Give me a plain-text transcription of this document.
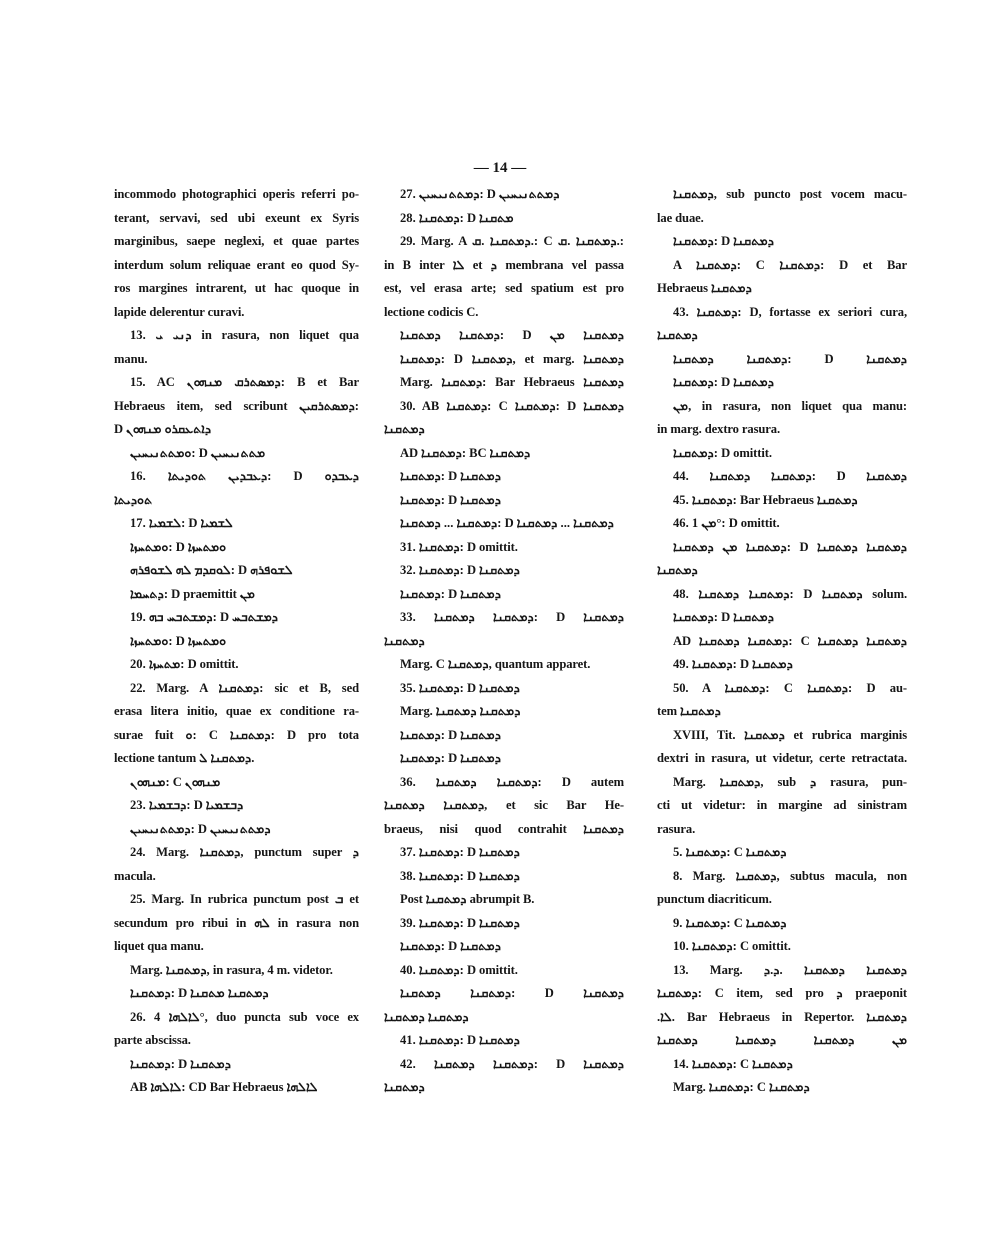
— 14 —
incommodo photographici operis referri po-
terant, servavi, sed ubi exeunt ex Syris
marginibus, saepe neglexi, et quae partes
interdum solum reliquae erant eo quod Sy-
ros margines intrarent, ut hac quoque in
lapide delerentur curavi.
13. ܕܢܝ ܝ in rasura, non liquet qua
manu.
15. AC ܕܡܣܬܪܩ ܡܢܗܘܢ: B et Bar
Hebraeus item, sed scribunt ܕܡܣܬܪܩܝܢ:
D ܕܐܬܥܩܪܘ ܡܢܗܘܢ
ܘܡܬܬܢܝܚܝܢ: D ܡܬܬܢܝܚܝܢ
16. ܕܥܒܕܝܢ ܬܘܕܝܬܐ: D ܕܥܒܕܘ
ܬܘܕܝܬܐ
17. ܠܫܡܝܐ: D ܠܫܡܝܐ
ܘܡܬܚܙܐ: D ܘܡܬܚܙܐ
ܠܘܩܕܡ ܠܗ ܠܫܘܦܪܗ: D ܠܫܘܦܪܗ
ܕܬܚܡܐ: D praemittit ܡܢ
19. ܕܡܫܬܒܚ ܒܗ: D ܕܡܫܬܒܚ
ܘܡܬܚܙܐ: D ܘܡܬܚܙܐ
20. ܡܬܚܙܐ: D omittit.
22. Marg. A ܕܡܬܩܢܐ: sic et B, sed
erasa litera initio, quae ex conditione ra-
surae fuit ܘ: C ܕܡܬܩܢܐ: D pro tota
lectione tantum ܕܡܬܩܢܐ ܠ.
ܡܢܗܘܢ: C ܡܢܗܘܢ
23. ܕܒܫܡܝܐ: D ܕܒܫܡܝܐ
ܕܡܬܬܢܝܚܝܢ: D ܕܡܬܬܢܝܚܝܢ
24. Marg. ܕܡܬܩܢܐ, punctum super ܕ
macula.
25. Marg. In rubrica punctum post ܒ et
secundum pro ribui in ܠܗ in rasura non
liquet qua manu.
Marg. ܕܡܬܩܢܐ, in rasura, 4 m. videtor.
ܕܡܬܩܢܐ: D ܕܡܬܩܢܐ ܡܬܩܢܐ
26. ܠܐܠܗܐ 4°, duo puncta sub voce ex
parte abscissa.
ܕܡܬܩܢܐ: D ܕܡܬܩܢܐ
AB ܠܐܠܗܐ: CD Bar Hebraeus ܠܐܠܗܐ
27. ܕܡܬܬܢܝܚܝܢ: D ܕܡܬܬܢܝܚܝܢ
28. ܕܡܬܩܢܐ: D ܡܬܩܢܐ
29. Marg. A ܕܡܬܩܢܐ .ܩ.: C ܕܡܬܩܢܐ .ܩ.:
in B inter ܠܐ et ܕ membrana vel passa
est, vel erasa arte; sed spatium est pro
lectione codicis C.
ܕܡܬܩܢܐ ܕܡܬܩܢܐ: D ܕܡܬܩܢܐ ܡܢ
ܕܡܬܩܢܐ: D ܕܡܬܩܢܐ, et marg. ܕܡܬܩܢܐ
Marg. ܕܡܬܩܢܐ: Bar Hebraeus ܕܡܬܩܢܐ
30. AB ܕܡܬܩܢܐ: C ܕܡܬܩܢܐ: D ܕܡܬܩܢܐ
ܕܡܬܩܢܐ
AD ܕܡܬܩܢܐ: BC ܕܡܬܩܢܐ
ܕܡܬܩܢܐ: D ܕܡܬܩܢܐ
ܕܡܬܩܢܐ: D ܕܡܬܩܢܐ
ܕܡܬܩܢܐ ... ܕܡܬܩܢܐ: D ܕܡܬܩܢܐ ... ܕܡܬܩܢܐ
31. ܕܡܬܩܢܐ: D omittit.
32. ܕܡܬܩܢܐ: D ܕܡܬܩܢܐ
ܕܡܬܩܢܐ: D ܕܡܬܩܢܐ
33. ܕܡܬܩܢܐ ܕܡܬܩܢܐ: D ܕܡܬܩܢܐ
ܕܡܬܩܢܐ
Marg. C ܕܡܬܩܢܐ, quantum apparet.
35. ܕܡܬܩܢܐ: D ܕܡܬܩܢܐ
Marg. ܕܡܬܩܢܐ ܕܡܬܩܢܐ
ܕܡܬܩܢܐ: D ܕܡܬܩܢܐ
ܕܡܬܩܢܐ: D ܕܡܬܩܢܐ
36. ܕܡܬܩܢܐ ܕܡܬܩܢܐ: D autem
ܕܡܬܩܢܐ ܕܡܬܩܢܐ, et sic Bar He-
braeus, nisi quod contrahit ܕܡܬܩܢܐ
37. ܕܡܬܩܢܐ: D ܕܡܬܩܢܐ
38. ܕܡܬܩܢܐ: D ܕܡܬܩܢܐ
Post ܕܡܬܩܢܐ abrumpit B.
39. ܕܡܬܩܢܐ: D ܕܡܬܩܢܐ
ܕܡܬܩܢܐ: D ܕܡܬܩܢܐ
40. ܕܡܬܩܢܐ: D omittit.
ܕܡܬܩܢܐ ܕܡܬܩܢܐ: D ܕܡܬܩܢܐ
ܕܡܬܩܢܐ ܕܡܬܩܢܐ
41. ܕܡܬܩܢܐ: D ܕܡܬܩܢܐ
42. ܕܡܬܩܢܐ ܕܡܬܩܢܐ: D ܕܡܬܩܢܐ
ܕܡܬܩܢܐ
ܕܡܬܩܢܐ, sub puncto post vocem macu-
lae duae.
ܕܡܬܩܢܐ: D ܕܡܬܩܢܐ
A ܕܡܬܩܢܐ: C ܕܡܬܩܢܐ: D et Bar
Hebraeus ܕܡܬܩܢܐ
43. ܕܡܬܩܢܐ: D, fortasse ex seriori cura,
ܕܡܬܩܢܐ
ܕܡܬܩܢܐ ܕܡܬܩܢܐ: D ܕܡܬܩܢܐ
ܕܡܬܩܢܐ: D ܕܡܬܩܢܐ
ܡܢ, in rasura, non liquet qua manu:
in marg. dextro rasura.
ܕܡܬܩܢܐ: D omittit.
44. ܕܡܬܩܢܐ ܕܡܬܩܢܐ: D ܕܡܬܩܢܐ
45. ܕܡܬܩܢܐ: Bar Hebraeus ܕܡܬܩܢܐ
46. ܡܢ 1°: D omittit.
ܕܡܬܩܢܐ ܡܢ ܕܡܬܩܢܐ: D ܕܡܬܩܢܐ ܕܡܬܩܢܐ
ܕܡܬܩܢܐ
48. ܕܡܬܩܢܐ ܕܡܬܩܢܐ: D ܕܡܬܩܢܐ solum.
ܕܡܬܩܢܐ: D ܕܡܬܩܢܐ
AD ܕܡܬܩܢܐ ܕܡܬܩܢܐ: C ܕܡܬܩܢܐ ܕܡܬܩܢܐ
49. ܕܡܬܩܢܐ: D ܕܡܬܩܢܐ
50. A ܕܡܬܩܢܐ: C ܕܡܬܩܢܐ: D au-
tem ܕܡܬܩܢܐ
XVIII, Tit. ܕܡܬܩܢܐ et rubrica marginis
dextri in rasura, ut videtur, certe retractata.
Marg. ܕܡܬܩܢܐ, sub ܕ rasura, pun-
cti ut videtur: in margine ad sinistram
rasura.
5. ܕܡܬܩܢܐ: C ܕܡܬܩܢܐ
8. Marg. ܕܡܬܩܢܐ, subtus macula, non
punctum diacriticum.
9. ܕܡܬܩܢܐ: C ܕܡܬܩܢܐ
10. ܕܡܬܩܢܐ: C omittit.
13. Marg. ܕܡܬܩܢܐ ܕܡܬܩܢܐ .ܕ.ܕ
ܕܡܬܩܢܐ: C item, sed pro ܕ praeponit
.ܠܐ. Bar Hebraeus in Repertor. ܕܡܬܩܢܐ
ܡܢ ܕܡܬܩܢܐ ܕܡܬܩܢܐ ܕܡܬܩܢܐ
14. ܕܡܬܩܢܐ: C ܕܡܬܩܢܐ
Marg. ܕܡܬܩܢܐ: C ܕܡܬܩܢܐ
